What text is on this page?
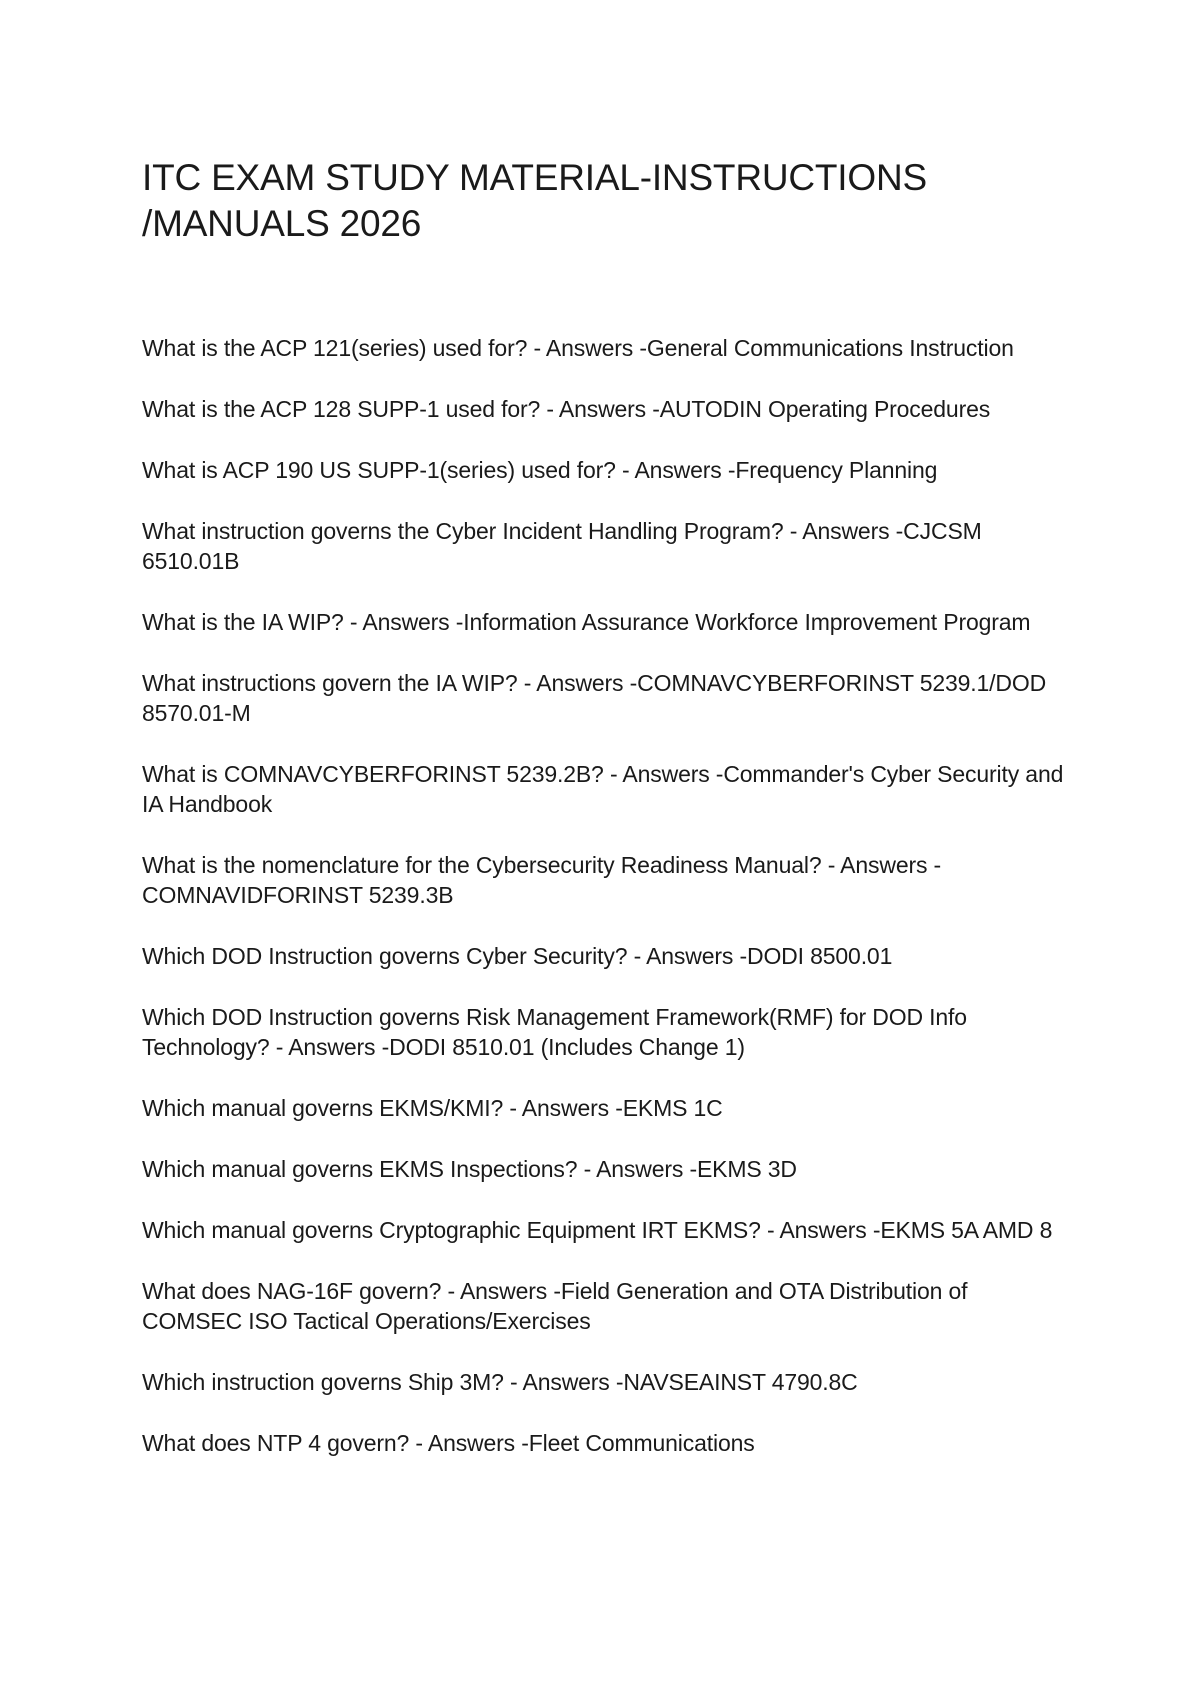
ITC EXAM STUDY MATERIAL-INSTRUCTIONS /MANUALS 2026

What is the ACP 121(series) used for? - Answers -General Communications Instruction

What is the ACP 128 SUPP-1 used for? - Answers -AUTODIN Operating Procedures

What is ACP 190 US SUPP-1(series) used for? - Answers -Frequency Planning

What instruction governs the Cyber Incident Handling Program? - Answers -CJCSM 6510.01B

What is the IA WIP? - Answers -Information Assurance Workforce Improvement Program

What instructions govern the IA WIP? - Answers -COMNAVCYBERFORINST 5239.1/DOD 8570.01-M

What is COMNAVCYBERFORINST 5239.2B? - Answers -Commander's Cyber Security and IA Handbook

What is the nomenclature for the Cybersecurity Readiness Manual? - Answers -COMNAVIDFORINST 5239.3B

Which DOD Instruction governs Cyber Security? - Answers -DODI 8500.01

Which DOD Instruction governs Risk Management Framework(RMF) for DOD Info Technology? - Answers -DODI 8510.01 (Includes Change 1)

Which manual governs EKMS/KMI? - Answers -EKMS 1C

Which manual governs EKMS Inspections? - Answers -EKMS 3D

Which manual governs Cryptographic Equipment IRT EKMS? - Answers -EKMS 5A AMD 8

What does NAG-16F govern? - Answers -Field Generation and OTA Distribution of COMSEC ISO Tactical Operations/Exercises

Which instruction governs Ship 3M? - Answers -NAVSEAINST 4790.8C

What does NTP 4 govern? - Answers -Fleet Communications
